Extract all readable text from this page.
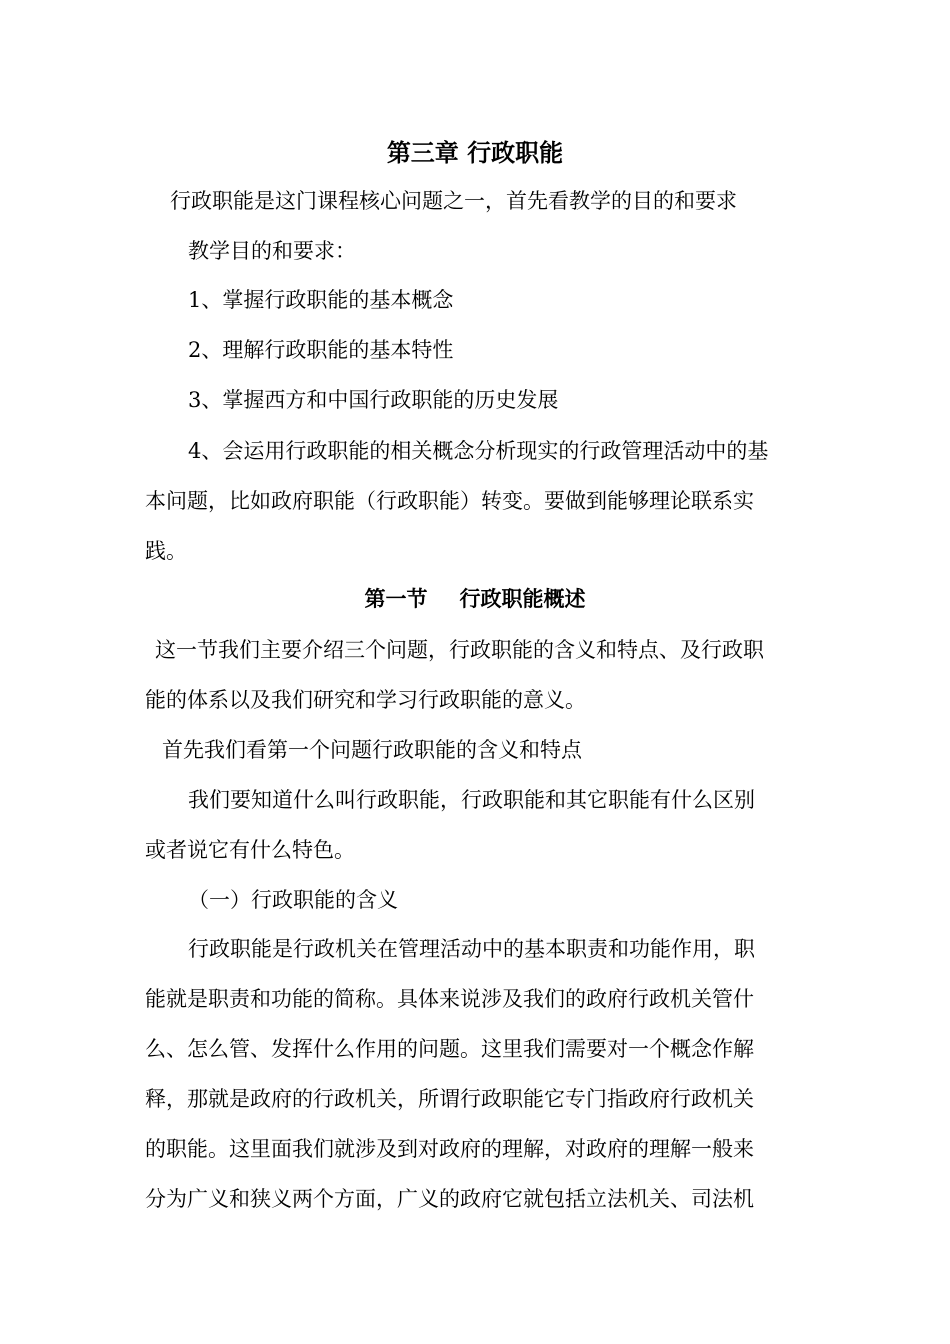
第三章 行政职能
行政职能是这门课程核心问题之一，首先看教学的目的和要求
教学目的和要求：
1、掌握行政职能的基本概念
2、理解行政职能的基本特性
3、掌握西方和中国行政职能的历史发展
4、会运用行政职能的相关概念分析现实的行政管理活动中的基
本问题，比如政府职能（行政职能）转变。要做到能够理论联系实
践。
第一节 行政职能概述
这一节我们主要介绍三个问题，行政职能的含义和特点、及行政职
能的体系以及我们研究和学习行政职能的意义。
首先我们看第一个问题行政职能的含义和特点
我们要知道什么叫行政职能，行政职能和其它职能有什么区别
或者说它有什么特色。
（一）行政职能的含义
行政职能是行政机关在管理活动中的基本职责和功能作用，职
能就是职责和功能的简称。具体来说涉及我们的政府行政机关管什
么、怎么管、发挥什么作用的问题。这里我们需要对一个概念作解
释，那就是政府的行政机关，所谓行政职能它专门指政府行政机关
的职能。这里面我们就涉及到对政府的理解，对政府的理解一般来
分为广义和狭义两个方面，广义的政府它就包括立法机关、司法机
